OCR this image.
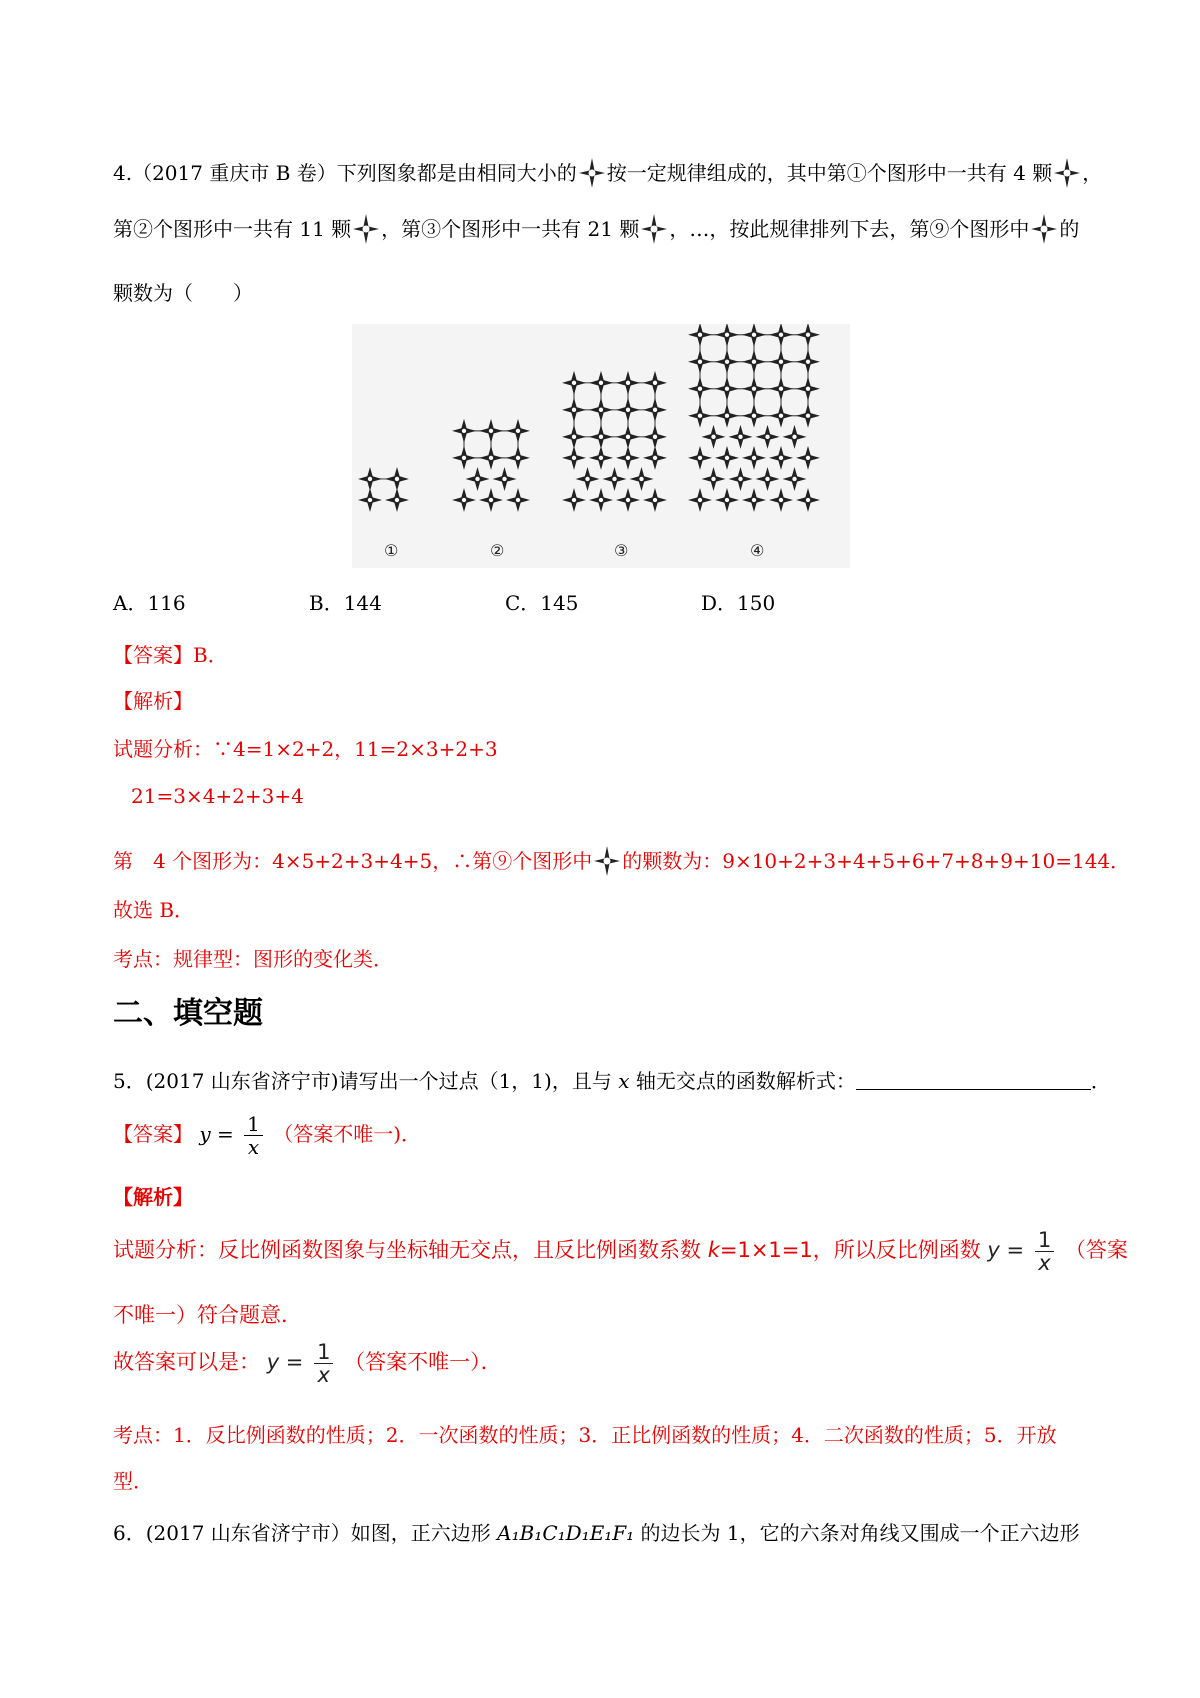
4.（2017 重庆市 B 卷）下列图象都是由相同大小的 按一定规律组成的，其中第①个图形中一共有 4 颗 ，
第②个图形中一共有 11 颗 ，第③个图形中一共有 21 颗 ，…，按此规律排列下去，第⑨个图形中 的
颗数为（　　）
①	②	③	④
A．116	B．144	C．145	D．150
【答案】B．
【解析】
试题分析：∵4=1×2+2，11=2×3+2+3
21=3×4+2+3+4
第　4 个图形为：4×5+2+3+4+5，∴第⑨个图形中 的颗数为：9×10+2+3+4+5+6+7+8+9+10=144．
故选 B．
考点：规律型：图形的变化类．
二、填空题
5．(2017 山东省济宁市)请写出一个过点（1，1)，且与 x 轴无交点的函数解析式：	．
【答案】 $y = \frac{1}{x}$ （答案不唯一)．
【解析】
试题分析：反比例函数图象与坐标轴无交点，且反比例函数系数 k=1×1=1，所以反比例函数 $y = \frac{1}{x}$ （答案
不唯一）符合题意．
故答案可以是： $y = \frac{1}{x}$ （答案不唯一）．
考点：1．反比例函数的性质；2．一次函数的性质；3．正比例函数的性质；4．二次函数的性质；5．开放
型．
6．(2017 山东省济宁市）如图，正六边形 A₁B₁C₁D₁E₁F₁ 的边长为 1，它的六条对角线又围成一个正六边形
